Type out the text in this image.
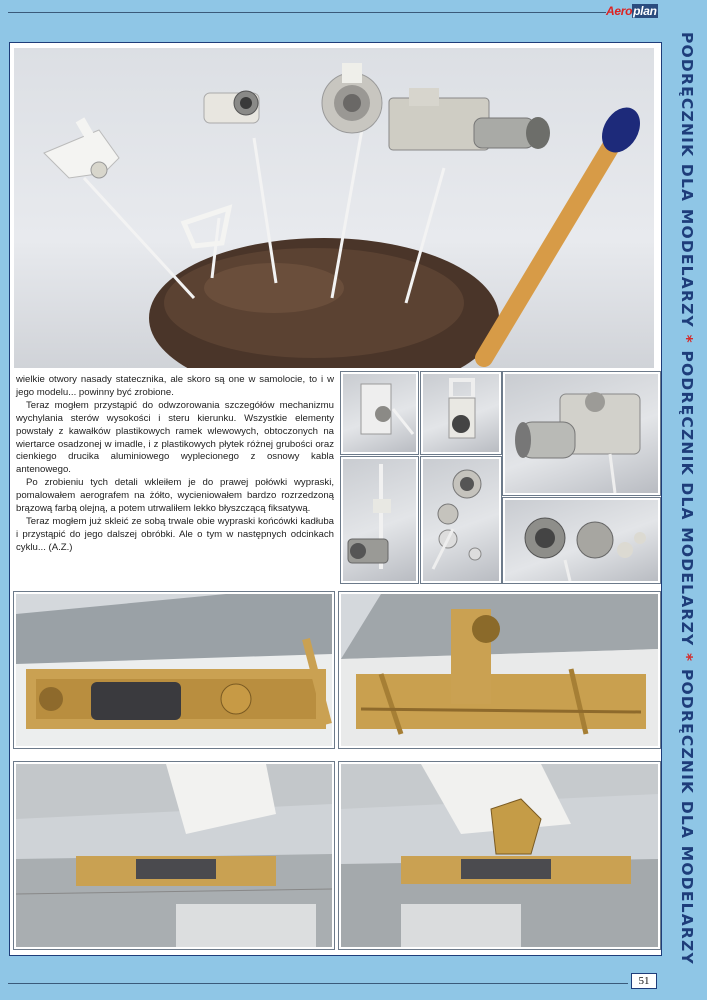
Aeroplan
PODRĘCZNIK DLA MODELARZY * PODRĘCZNIK DLA MODELARZY * PODRĘCZNIK DLA MODELARZY

wielkie otwory nasady statecznika, ale skoro są one w samolocie, to i w jego modelu... powinny być zrobione.

Teraz mogłem przystąpić do odwzorowania szczegółów mechanizmu wychylania sterów wysokości i steru kierunku. Wszystkie elementy powstały z kawałków plastikowych ramek wlewowych, obtoczonych na wiertarce osadzonej w imadle, i z plastikowych płytek różnej grubości oraz cienkiego drucika aluminiowego wyplecionego z osnowy kabla antenowego.

Po zrobieniu tych detali wkleiłem je do prawej połówki wypraski, pomalowałem aerografem na żółto, wycieniowałem bardzo rozrzedzoną brązową farbą olejną, a potem utrwaliłem lekko błyszczącą fiksatywą.

Teraz mogłem już skleić ze sobą trwale obie wypraski końcówki kadłuba i przystąpić do jego dalszej obróbki. Ale o tym w następnych odcinkach cyklu... (A.Z.)

51
